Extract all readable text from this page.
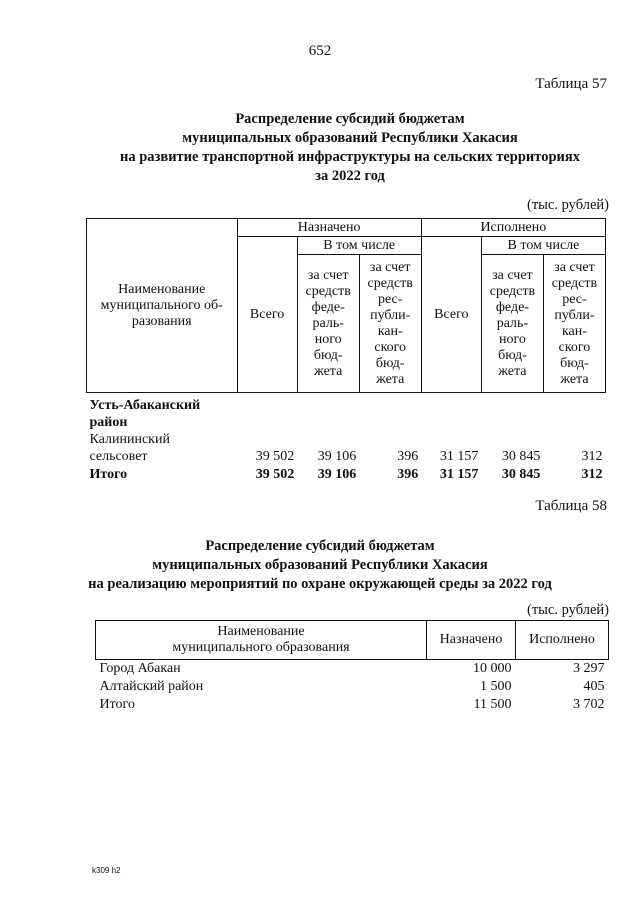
652
Таблица 57
Распределение субсидий бюджетам
муниципальных образований Республики Хакасия
на развитие транспортной инфраструктуры на сельских территориях
за 2022 год
(тыс. рублей)
Наименование муниципального об-разования	Назначено			Исполнено		
	Всего	В том числе		Всего	В том числе	
		за счет средств феде-раль-ного бюд-жета	за счет средств рес-публи-кан-ского бюд-жета		за счет средств феде-раль-ного бюд-жета	за счет средств рес-публи-кан-ского бюд-жета

Усть-Абаканский район						

Калининский сельсовет	39 502	39 106	396	31 157	30 845	312
Итого	39 502	39 106	396	31 157	30 845	312
Таблица 58
Распределение субсидий бюджетам
муниципальных образований Республики Хакасия
на реализацию мероприятий по охране окружающей среды за 2022 год
(тыс. рублей)
Наименование
муниципального образования	Назначено	Исполнено
Город Абакан	10 000	3 297
Алтайский район	1 500	405
Итого	11 500	3 702
k309 h2
